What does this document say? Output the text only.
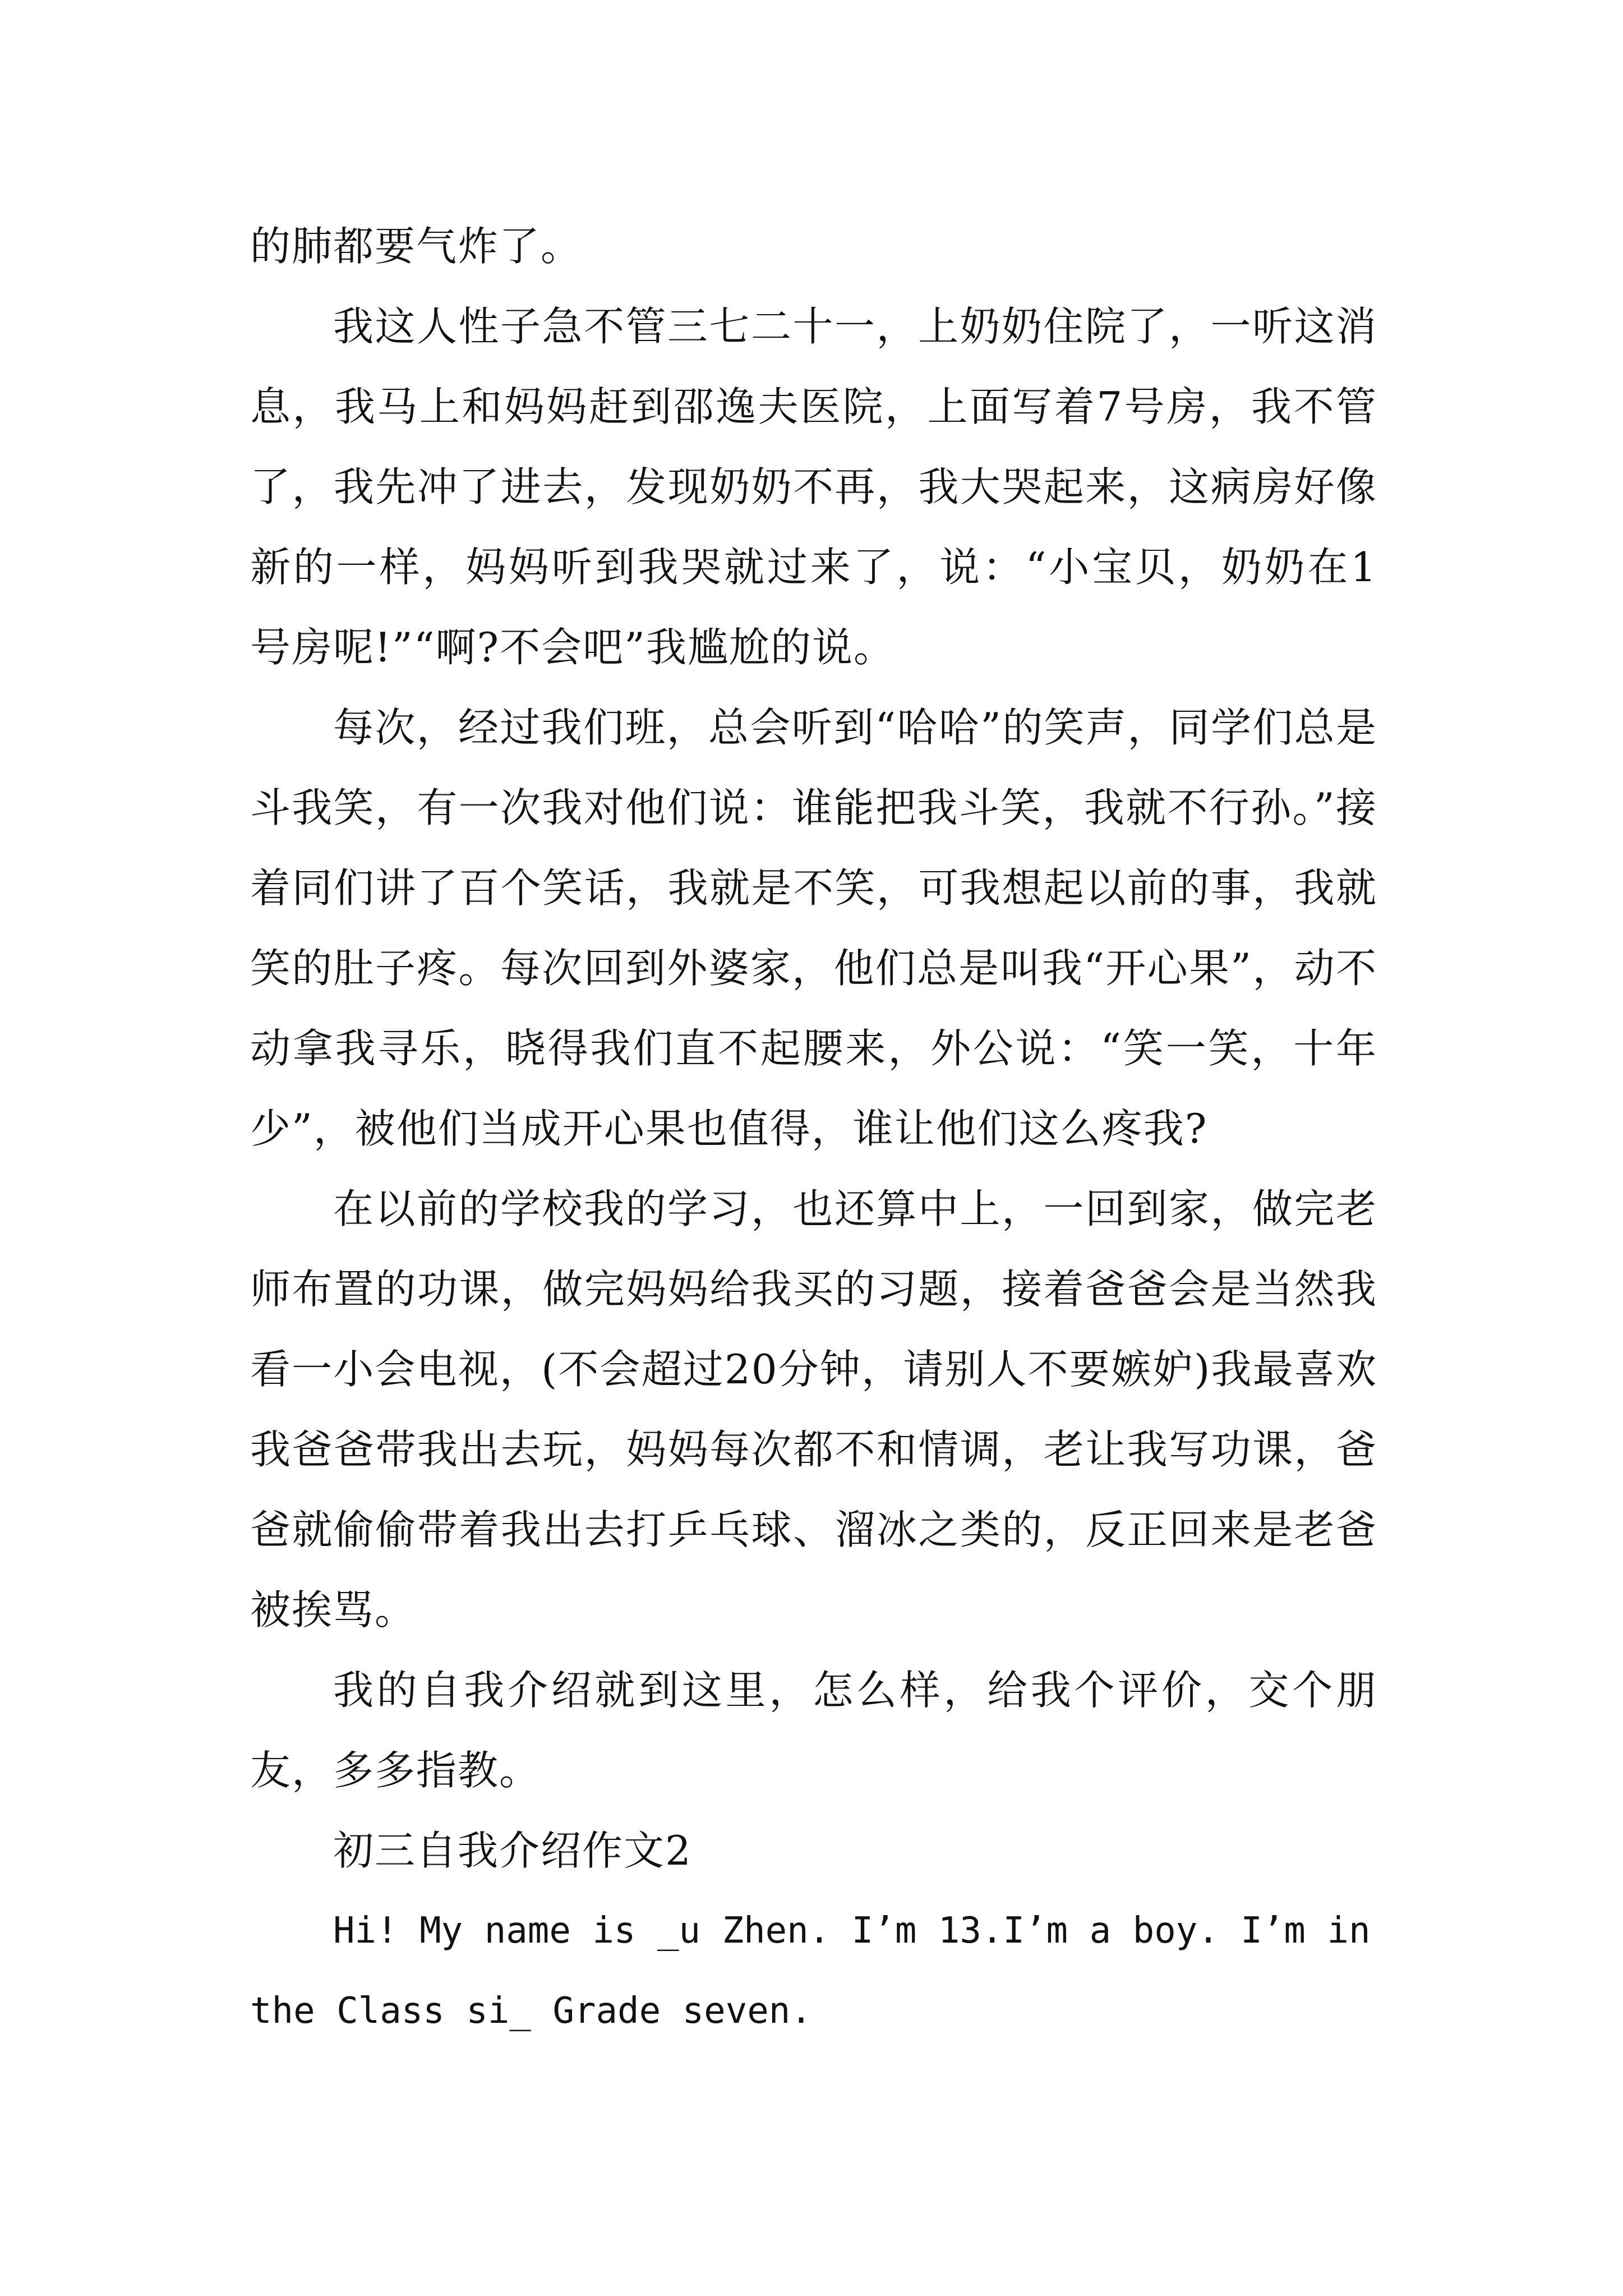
的肺都要气炸了。

我这人性子急不管三七二十一，上奶奶住院了，一听这消息，我马上和妈妈赶到邵逸夫医院，上面写着7号房，我不管了，我先冲了进去，发现奶奶不再，我大哭起来，这病房好像新的一样，妈妈听到我哭就过来了，说：“小宝贝，奶奶在1号房呢!”“啊?不会吧”我尴尬的说。

每次，经过我们班，总会听到“哈哈”的笑声，同学们总是斗我笑，有一次我对他们说：谁能把我斗笑，我就不行孙。”接着同们讲了百个笑话，我就是不笑，可我想起以前的事，我就笑的肚子疼。每次回到外婆家，他们总是叫我“开心果”，动不动拿我寻乐，晓得我们直不起腰来，外公说：“笑一笑，十年少”，被他们当成开心果也值得，谁让他们这么疼我?

在以前的学校我的学习，也还算中上，一回到家，做完老师布置的功课，做完妈妈给我买的习题，接着爸爸会是当然我看一小会电视，(不会超过20分钟，请别人不要嫉妒)我最喜欢我爸爸带我出去玩，妈妈每次都不和情调，老让我写功课，爸爸就偷偷带着我出去打乒乓球、溜冰之类的，反正回来是老爸被挨骂。

我的自我介绍就到这里，怎么样，给我个评价，交个朋友，多多指教。

初三自我介绍作文2

Hi! My name is _u Zhen. I’m 13.I’m a boy. I’m in the Class si_ Grade seven.
